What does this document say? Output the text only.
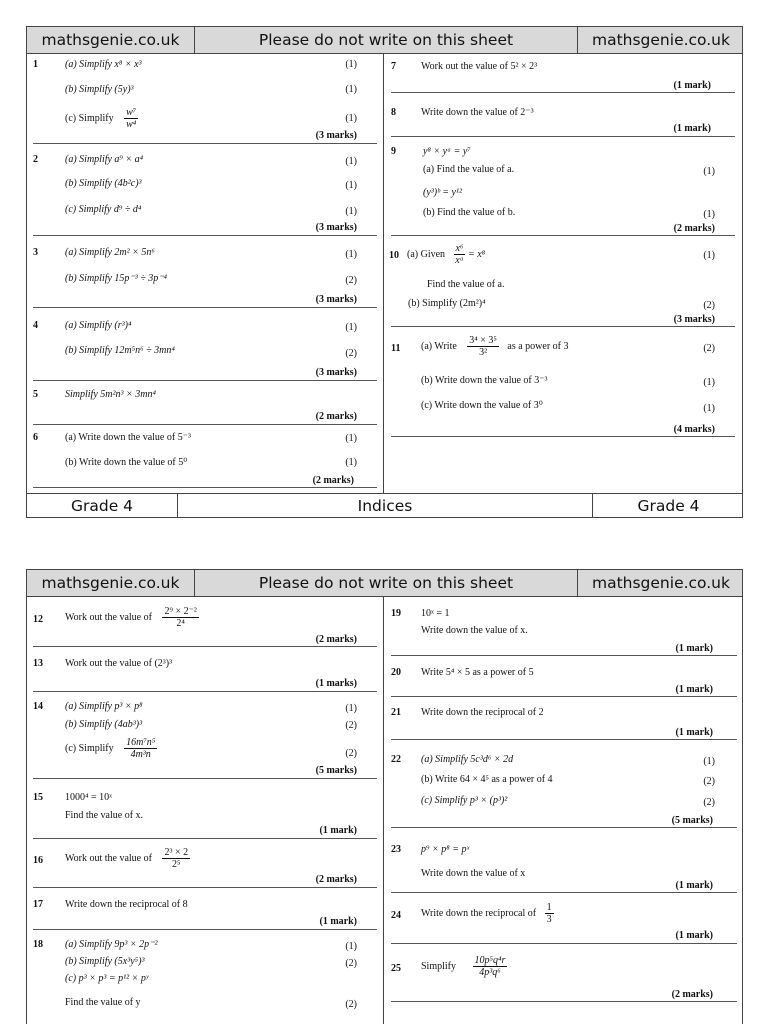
mathsgenie.co.uk	Please do not write on this sheet	mathsgenie.co.uk
1	(a) Simplify x⁸ × x³	(1)
(b) Simplify (5y)³	(1)
(c) Simplify $\frac{\text{w⁷}}{\text{w⁴}}$	(1)
(3 marks)
2	(a) Simplify a⁹ × a⁴	(1)
(b) Simplify (4b²c)³	(1)
(c) Simplify d⁹ ÷ d⁴	(1)
(3 marks)
3	(a) Simplify 2m² × 5n⁶	(1)
(b) Simplify 15p⁻³ ÷ 3p⁻⁴	(2)
(3 marks)
4	(a) Simplify (r³)⁴	(1)
(b) Simplify 12m⁵n⁶ ÷ 3mn⁴	(2)
(3 marks)
5	Simplify 5m²n³ × 3mn⁴
(2 marks)
6	(a) Write down the value of 5⁻³	(1)
(b) Write down the value of 5⁰	(1)
(2 marks)
7	Work out the value of 5² × 2³
(1 mark)
8	Write down the value of 2⁻³
(1 mark)
9	y⁸ × yᵃ = y⁷
(a) Find the value of a.	(1)
(y³)ᵇ = y¹²
(b) Find the value of b.	(1)
(2 marks)
10 (a) Given $\frac{\text{x⁶}}{\text{xᵃ}} = x^8$	(1)
Find the value of a.
(b) Simplify (2m²)⁴	(2)
(3 marks)
11 (a) Write $\frac{\text{3⁴ × 3⁵}}{\text{3²}}$ as a power of 3	(2)
(b) Write down the value of 3⁻³	(1)
(c) Write down the value of 3⁰	(1)
(4 marks)
Grade 4	Indices	Grade 4
mathsgenie.co.uk	Please do not write on this sheet	mathsgenie.co.uk
12 Work out the value of $\frac{\text{2⁹ × 2⁻²}}{\text{2⁴}}$
(2 marks)
13 Work out the value of (2³)³
(1 marks)
14 (a) Simplify p³ × p⁸	(1)
(b) Simplify (4ab³)³	(2)
(c) Simplify $\frac{\text{16m⁷n⁵}}{\text{4m³n}}$	(2)
(5 marks)
15 1000⁴ = 10ˣ
Find the value of x.
(1 mark)
16 Work out the value of $\frac{\text{2³ × 2}}{\text{2⁵}}$
(2 marks)
17 Write down the reciprocal of 8
(1 mark)
18 (a) Simplify 9p³ × 2p⁻²	(1)
(b) Simplify (5x³y⁵)³	(2)
(c) p³ × p³ = p¹² × pʸ
Find the value of y	(2)
19 10ˣ = 1
Write down the value of x.
(1 mark)
20 Write 5⁴ × 5 as a power of 5
(1 mark)
21 Write down the reciprocal of 2
(1 mark)
22 (a) Simplify 5c³d⁶ × 2d	(1)
(b) Write 64 × 4⁵ as a power of 4	(2)
(c) Simplify p³ × (p³)²	(2)
(5 marks)
23 p⁹ × p⁸ = pˣ
Write down the value of x
(1 mark)
24 Write down the reciprocal of $\frac{1}{3}$
(1 mark)
25 Simplify $\frac{\text{10p⁵q⁴r}}{\text{4p³q⁶}}$
(2 marks)
